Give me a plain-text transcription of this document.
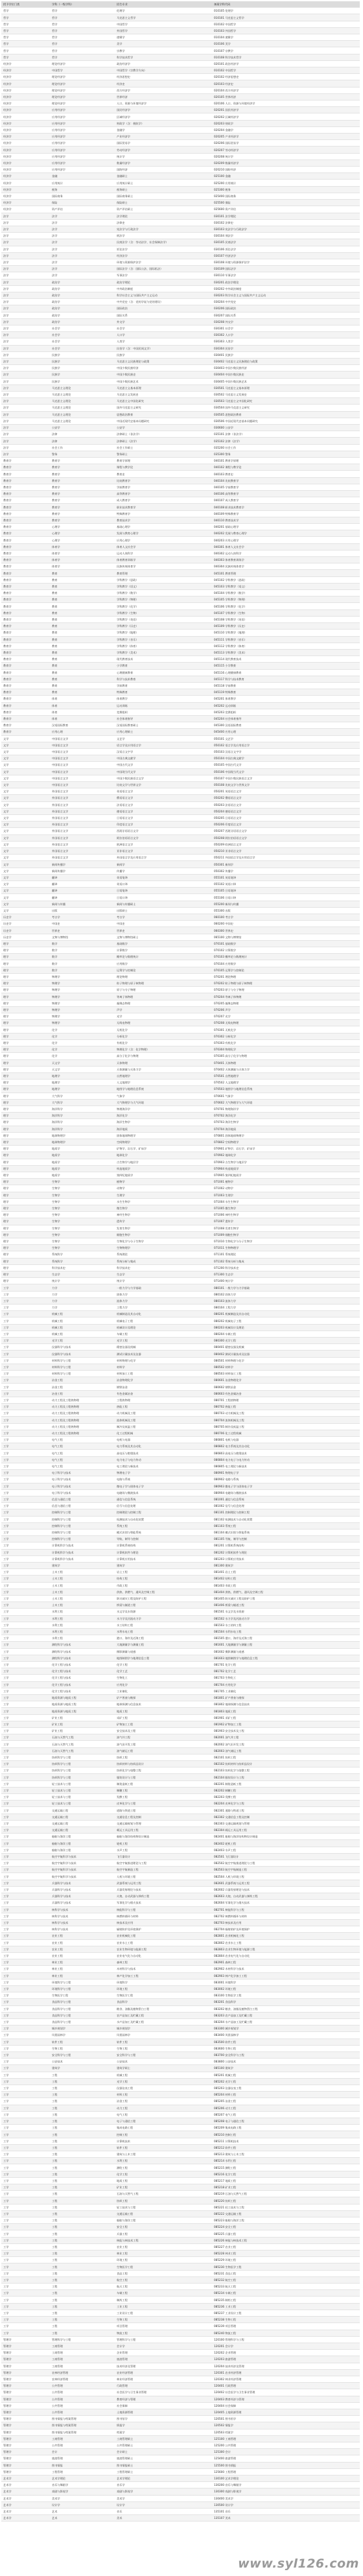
授予学位门类	学科（一级学科）	招生专业	备案学科代码
哲学	哲学	伦理学	010105 伦理学
哲学	哲学	马克思主义哲学	010101 马克思主义哲学
哲学	哲学	中国哲学	010102 中国哲学
哲学	哲学	外国哲学	010103 外国哲学
哲学	哲学	逻辑学	010104 逻辑学
哲学	哲学	美学	010106 美学
哲学	哲学	宗教学	010107 宗教学
哲学	哲学	科学技术哲学	010108 科学技术哲学
经济学	理论经济学	政治经济学	020101 政治经济学
经济学	中国哲学	中国哲学（宗教学方向）	010102 中国哲学
经济学	理论经济学	经济思想史	020102 经济思想史
经济学	理论经济学	经济史	020103 经济史
经济学	理论经济学	西方经济学	020104 西方经济学
经济学	理论经济学	世界经济	020105 世界经济
经济学	理论经济学	人口、资源与环境经济学	020106 人口、资源与环境经济学
经济学	应用经济学	国民经济学	020201 国民经济学
经济学	应用经济学	区域经济学	020202 区域经济学
经济学	应用经济学	财政学（含：税收学）	020203 财政学
经济学	应用经济学	金融学	020204 金融学
经济学	应用经济学	产业经济学	020205 产业经济学
经济学	应用经济学	国际贸易学	020206 国际贸易学
经济学	应用经济学	劳动经济学	020207 劳动经济学
经济学	应用经济学	统计学	020208 统计学
经济学	应用经济学	数量经济学	020209 数量经济学
经济学	应用经济学	国防经济	020210 国防经济
经济学	金融	金融硕士	025100 金融
经济学	应用统计	应用统计硕士	025200 应用统计
经济学	税务	税务硕士	025300 税务
经济学	国际商务	国际商务硕士	025400 国际商务
经济学	保险	保险硕士	025500 保险
经济学	资产评估	资产评估硕士	025600 资产评估
法学	法学	法学理论	030101 法学理论
法学	法学	法律史	030102 法律史
法学	法学	宪法学与行政法学	030103 宪法学与行政法学
法学	法学	刑法学	030104 刑法学
法学	法学	民商法学（含：劳动法学、社会保障法学）	030105 民商法学
法学	法学	诉讼法学	030106 诉讼法学
法学	法学	经济法学	030107 经济法学
法学	法学	环境与资源保护法学	030108 环境与资源保护法学
法学	法学	国际法学（含：国际公法、国际私法）	030109 国际法学
法学	法学	军事法学	030110 军事法学
法学	政治学	政治学理论	030201 政治学理论
法学	政治学	中外政治制度	030202 中外政治制度
法学	政治学	科学社会主义与国际共产主义运动	030203 科学社会主义与国际共产主义运动
法学	政治学	中共党史（含：党的学说与党的建设）	030204 中共党史
法学	政治学	国际政治	030206 国际政治
法学	政治学	国际关系	030207 国际关系
法学	政治学	外交学	030208 外交学
法学	社会学	社会学	030301 社会学
法学	社会学	人口学	030302 人口学
法学	社会学	人类学	030303 人类学
法学	社会学	民俗学（含：中国民间文学）	030304 民俗学
法学	民族学	民族学	030401 民族学
法学	民族学	马克思主义民族理论与政策	030402 马克思主义民族理论与政策
法学	民族学	中国少数民族经济	030403 中国少数民族经济
法学	民族学	中国少数民族史	030404 中国少数民族史
法学	民族学	中国少数民族艺术	030405 中国少数民族艺术
法学	马克思主义理论	马克思主义基本原理	030501 马克思主义基本原理
法学	马克思主义理论	马克思主义发展史	030502 马克思主义发展史
法学	马克思主义理论	马克思主义中国化研究	030503 马克思主义中国化研究
法学	马克思主义理论	国外马克思主义研究	030504 国外马克思主义研究
法学	马克思主义理论	思想政治教育	030505 思想政治教育
法学	马克思主义理论	中国近现代史基本问题研究	030506 中国近现代史基本问题研究
法学	公安学	公安学	030600 公安学
法学	法律	法律硕士（非法学）	035101 法律（非法学）
法学	法律	法律硕士（法学）	035102 法律（法学）
法学	社会工作	社会工作硕士	035200 社会工作
法学	警务	警务硕士	035300 警务
教育学	教育学	教育学原理	040101 教育学原理
教育学	教育学	课程与教学论	040102 课程与教学论
教育学	教育学	教育史	040103 教育史
教育学	教育学	比较教育学	040104 比较教育学
教育学	教育学	学前教育学	040105 学前教育学
教育学	教育学	高等教育学	040106 高等教育学
教育学	教育学	成人教育学	040107 成人教育学
教育学	教育学	职业技术教育学	040108 职业技术教育学
教育学	教育学	特殊教育学	040109 特殊教育学
教育学	教育学	教育技术学	040110 教育技术学
教育学	心理学	基础心理学	040201 基础心理学
教育学	心理学	发展与教育心理学	040202 发展与教育心理学
教育学	心理学	应用心理学	040203 应用心理学
教育学	体育学	体育人文社会学	040301 体育人文社会学
教育学	体育学	运动人体科学	040302 运动人体科学
教育学	体育学	体育教育训练学	040303 体育教育训练学
教育学	体育学	民族传统体育学	040304 民族传统体育学
教育学	教育	教育管理	045101 教育管理
教育学	教育	学科教学（思政）	045102 学科教学（思政）
教育学	教育	学科教学（语文）	045103 学科教学（语文）
教育学	教育	学科教学（数学）	045104 学科教学（数学）
教育学	教育	学科教学（物理）	045105 学科教学（物理）
教育学	教育	学科教学（化学）	045106 学科教学（化学）
教育学	教育	学科教学（生物）	045107 学科教学（生物）
教育学	教育	学科教学（英语）	045108 学科教学（英语）
教育学	教育	学科教学（历史）	045109 学科教学（历史）
教育学	教育	学科教学（地理）	045110 学科教学（地理）
教育学	教育	学科教学（音乐）	045111 学科教学（音乐）
教育学	教育	学科教学（体育）	045112 学科教学（体育）
教育学	教育	学科教学（美术）	045113 学科教学（美术）
教育学	教育	现代教育技术	045114 现代教育技术
教育学	教育	小学教育	045115 小学教育
教育学	教育	心理健康教育	045116 心理健康教育
教育学	教育	科学与技术教育	045117 科学与技术教育
教育学	教育	学前教育	045118 学前教育
教育学	教育	特殊教育	045119 特殊教育
教育学	体育	体育教学	045201 体育教学
教育学	体育	运动训练	045202 运动训练
教育学	体育	竞赛组织	045203 竞赛组织
教育学	体育	社会体育指导	045204 社会体育指导
教育学	汉语国际教育	汉语国际教育硕士	045300 汉语国际教育
教育学	应用心理	应用心理硕士	045400 应用心理
文学	中国语言文学	文艺学	050101 文艺学
文学	中国语言文学	语言学及应用语言学	050102 语言学及应用语言学
文学	中国语言文学	汉语言文字学	050103 汉语言文字学
文学	中国语言文学	中国古典文献学	050104 中国古典文献学
文学	中国语言文学	中国古代文学	050105 中国古代文学
文学	中国语言文学	中国现当代文学	050106 中国现当代文学
文学	中国语言文学	中国少数民族语言文学	050107 中国少数民族语言文学
文学	中国语言文学	比较文学与世界文学	050108 比较文学与世界文学
文学	外国语言文学	英语语言文学	050201 英语语言文学
文学	外国语言文学	俄语语言文学	050202 俄语语言文学
文学	外国语言文学	法语语言文学	050203 法语语言文学
文学	外国语言文学	德语语言文学	050204 德语语言文学
文学	外国语言文学	日语语言文学	050205 日语语言文学
文学	外国语言文学	印度语言文学	050206 印度语言文学
文学	外国语言文学	西班牙语语言文学	050207 西班牙语语言文学
文学	外国语言文学	阿拉伯语语言文学	050208 阿拉伯语语言文学
文学	外国语言文学	欧洲语言文学	050209 欧洲语言文学
文学	外国语言文学	亚非语言文学	050210 亚非语言文学
文学	外国语言文学	外国语言学及应用语言学	050211 外国语言学及应用语言学
文学	新闻传播学	新闻学	050301 新闻学
文学	新闻传播学	传播学	050302 传播学
文学	翻译	英语笔译	055101 英语笔译
文学	翻译	英语口译	055102 英语口译
文学	翻译	日语笔译	055105 日语笔译
文学	翻译	日语口译	055106 日语口译
文学	新闻与传播	新闻与传播硕士	055200 新闻与传播
文学	出版	出版硕士	055300 出版
历史学	考古学	考古学	060100 考古学
历史学	中国史	中国史	060200 中国史
历史学	世界史	世界史	060300 世界史
历史学	文物与博物馆	文物与博物馆硕士	065100 文物与博物馆
理学	数学	基础数学	070101 基础数学
理学	数学	计算数学	070102 计算数学
理学	数学	概率论与数理统计	070103 概率论与数理统计
理学	数学	应用数学	070104 应用数学
理学	数学	运筹学与控制论	070105 运筹学与控制论
理学	物理学	理论物理	070201 理论物理
理学	物理学	粒子物理与原子核物理	070202 粒子物理与原子核物理
理学	物理学	原子与分子物理	070203 原子与分子物理
理学	物理学	等离子体物理	070204 等离子体物理
理学	物理学	凝聚态物理	070205 凝聚态物理
理学	物理学	声学	070206 声学
理学	物理学	光学	070207 光学
理学	物理学	无线电物理	070208 无线电物理
理学	化学	无机化学	070301 无机化学
理学	化学	分析化学	070302 分析化学
理学	化学	有机化学	070303 有机化学
理学	化学	物理化学（含：化学物理）	070304 物理化学
理学	化学	高分子化学与物理	070305 高分子化学与物理
理学	天文学	天体物理	070401 天体物理
理学	天文学	天体测量与天体力学	070402 天体测量与天体力学
理学	地理学	自然地理学	070501 自然地理学
理学	地理学	人文地理学	070502 人文地理学
理学	地理学	地图学与地理信息系统	070503 地图学与地理信息系统
理学	大气科学	气象学	070601 气象学
理学	大气科学	大气物理学与大气环境	070602 大气物理学与大气环境
理学	海洋科学	物理海洋学	070701 物理海洋学
理学	海洋科学	海洋化学	070702 海洋化学
理学	海洋科学	海洋生物学	070703 海洋生物学
理学	海洋科学	海洋地质	070704 海洋地质
理学	地球物理学	固体地球物理学	070801 固体地球物理学
理学	地球物理学	空间物理学	070802 空间物理学
理学	地质学	矿物学、岩石学、矿床学	070901 矿物学、岩石学、矿床学
理学	地质学	地球化学	070902 地球化学
理学	地质学	古生物学与地层学	070903 古生物学与地层学
理学	地质学	构造地质学	070904 构造地质学
理学	地质学	第四纪地质学	070905 第四纪地质学
理学	生物学	植物学	071001 植物学
理学	生物学	动物学	071002 动物学
理学	生物学	生理学	071003 生理学
理学	生物学	水生生物学	071004 水生生物学
理学	生物学	微生物学	071005 微生物学
理学	生物学	神经生物学	071006 神经生物学
理学	生物学	遗传学	071007 遗传学
理学	生物学	发育生物学	071008 发育生物学
理学	生物学	细胞生物学	071009 细胞生物学
理学	生物学	生物化学与分子生物学	071010 生物化学与分子生物学
理学	生物学	生物物理学	071011 生物物理学
理学	系统科学	系统理论	071101 系统理论
理学	系统科学	系统分析与集成	071102 系统分析与集成
理学	科学技术史	科学技术史	071200 科学技术史
理学	生态学	生态学	071300 生态学
理学	统计学	统计学	071400 统计学
工学	力学	一般力学与力学基础	080101 一般力学与力学基础
工学	力学	固体力学	080102 固体力学
工学	力学	流体力学	080103 流体力学
工学	力学	工程力学	080104 工程力学
工学	机械工程	机械制造及其自动化	080201 机械制造及其自动化
工学	机械工程	机械电子工程	080202 机械电子工程
工学	机械工程	机械设计及理论	080203 机械设计及理论
工学	机械工程	车辆工程	080204 车辆工程
工学	光学工程	光学工程	080300 光学工程
工学	仪器科学与技术	精密仪器及机械	080401 精密仪器及机械
工学	仪器科学与技术	测试计量技术及仪器	080402 测试计量技术及仪器
工学	材料科学与工程	材料物理与化学	080501 材料物理与化学
工学	材料科学与工程	材料学	080502 材料学
工学	材料科学与工程	材料加工工程	080503 材料加工工程
工学	冶金工程	冶金物理化学	080601 冶金物理化学
工学	冶金工程	钢铁冶金	080602 钢铁冶金
工学	冶金工程	有色金属冶金	080603 有色金属冶金
工学	动力工程及工程热物理	工程热物理	080701 工程热物理
工学	动力工程及工程热物理	热能工程	080702 热能工程
工学	动力工程及工程热物理	动力机械及工程	080703 动力机械及工程
工学	动力工程及工程热物理	流体机械及工程	080704 流体机械及工程
工学	动力工程及工程热物理	制冷及低温工程	080705 制冷及低温工程
工学	动力工程及工程热物理	化工过程机械	080706 化工过程机械
工学	电气工程	电机与电器	080801 电机与电器
工学	电气工程	电力系统及其自动化	080802 电力系统及其自动化
工学	电气工程	高电压与绝缘技术	080803 高电压与绝缘技术
工学	电气工程	电力电子与电力传动	080804 电力电子与电力传动
工学	电气工程	电工理论与新技术	080805 电工理论与新技术
工学	电子科学与技术	物理电子学	080901 物理电子学
工学	电子科学与技术	电路与系统	080902 电路与系统
工学	电子科学与技术	微电子学与固体电子学	080903 微电子学与固体电子学
工学	电子科学与技术	电磁场与微波技术	080904 电磁场与微波技术
工学	信息与通信工程	通信与信息系统	081001 通信与信息系统
工学	信息与通信工程	信号与信息处理	081002 信号与信息处理
工学	控制科学与工程	控制理论与控制工程	081101 控制理论与控制工程
工学	控制科学与工程	检测技术与自动化装置	081102 检测技术与自动化装置
工学	控制科学与工程	系统工程	081103 系统工程
工学	控制科学与工程	模式识别与智能系统	081104 模式识别与智能系统
工学	控制科学与工程	导航、制导与控制	081105 导航、制导与控制
工学	计算机科学与技术	计算机系统结构	081201 计算机系统结构
工学	计算机科学与技术	计算机软件与理论	081202 计算机软件与理论
工学	计算机科学与技术	计算机应用技术	081203 计算机应用技术
工学	建筑学	建筑学	081300 建筑学
工学	土木工程	岩土工程	081401 岩土工程
工学	土木工程	结构工程	081402 结构工程
工学	土木工程	市政工程	081403 市政工程
工学	土木工程	供热、供燃气、通风及空调工程	081404 供热、供燃气、通风及空调工程
工学	土木工程	防灾减灾工程及防护工程	081405 防灾减灾工程及防护工程
工学	土木工程	桥梁与隧道工程	081406 桥梁与隧道工程
工学	水利工程	水文学及水资源	081501 水文学及水资源
工学	水利工程	水力学及河流动力学	081502 水力学及河流动力学
工学	水利工程	水工结构工程	081503 水工结构工程
工学	水利工程	水利水电工程	081504 水利水电工程
工学	水利工程	港口、海岸及近海工程	081505 港口、海岸及近海工程
工学	测绘科学与技术	大地测量学与测量工程	081601 大地测量学与测量工程
工学	测绘科学与技术	摄影测量与遥感	081602 摄影测量与遥感
工学	测绘科学与技术	地图制图学与地理信息工程	081603 地图制图学与地理信息工程
工学	化学工程与技术	化学工程	081701 化学工程
工学	化学工程与技术	化学工艺	081702 化学工艺
工学	化学工程与技术	生物化工	081703 生物化工
工学	化学工程与技术	应用化学	081704 应用化学
工学	化学工程与技术	工业催化	081705 工业催化
工学	地质资源与地质工程	矿产普查与勘探	081801 矿产普查与勘探
工学	地质资源与地质工程	地球探测与信息技术	081802 地球探测与信息技术
工学	地质资源与地质工程	地质工程	081803 地质工程
工学	矿业工程	采矿工程	081901 采矿工程
工学	矿业工程	矿物加工工程	081902 矿物加工工程
工学	矿业工程	安全技术及工程	081903 安全技术及工程
工学	石油与天然气工程	油气井工程	082001 油气井工程
工学	石油与天然气工程	油气田开发工程	082002 油气田开发工程
工学	石油与天然气工程	油气储运工程	082003 油气储运工程
工学	纺织科学与工程	纺织工程	082101 纺织工程
工学	纺织科学与工程	纺织材料与纺织品设计	082102 纺织材料与纺织品设计
工学	纺织科学与工程	纺织化学与染整工程	082103 纺织化学与染整工程
工学	纺织科学与工程	服装设计与工程	082104 服装设计与工程
工学	轻工技术与工程	制浆造纸工程	082201 制浆造纸工程
工学	轻工技术与工程	制糖工程	082202 制糖工程
工学	轻工技术与工程	发酵工程	082203 发酵工程
工学	轻工技术与工程	皮革化学与工程	082204 皮革化学与工程
工学	交通运输工程	道路与铁道工程	082301 道路与铁道工程
工学	交通运输工程	交通信息工程及控制	082302 交通信息工程及控制
工学	交通运输工程	交通运输规划与管理	082303 交通运输规划与管理
工学	交通运输工程	载运工具运用工程	082304 载运工具运用工程
工学	船舶与海洋工程	船舶与海洋结构物设计制造	082401 船舶与海洋结构物设计制造
工学	船舶与海洋工程	轮机工程	082402 轮机工程
工学	船舶与海洋工程	水声工程	082403 水声工程
工学	航空宇航科学与技术	飞行器设计	082501 飞行器设计
工学	航空宇航科学与技术	航空宇航推进理论与工程	082502 航空宇航推进理论与工程
工学	航空宇航科学与技术	航空宇航制造工程	082503 航空宇航制造工程
工学	航空宇航科学与技术	人机与环境工程	082504 人机与环境工程
工学	兵器科学与技术	武器系统与运用工程	082601 武器系统与运用工程
工学	兵器科学与技术	兵器发射理论与技术	082602 兵器发射理论与技术
工学	兵器科学与技术	火炮、自动武器与弹药工程	082603 火炮、自动武器与弹药工程
工学	兵器科学与技术	军事化学与烟火技术	082604 军事化学与烟火技术
工学	核科学与技术	核能科学与工程	082701 核能科学与工程
工学	核科学与技术	核燃料循环与材料	082702 核燃料循环与材料
工学	核科学与技术	核技术及应用	082703 核技术及应用
工学	核科学与技术	辐射防护及环境保护	082704 辐射防护及环境保护
工学	农业工程	农业机械化工程	082801 农业机械化工程
工学	农业工程	农业水土工程	082802 农业水土工程
工学	农业工程	农业生物环境与能源工程	082803 农业生物环境与能源工程
工学	农业工程	农业电气化与自动化	082804 农业电气化与自动化
工学	林业工程	森林工程	082901 森林工程
工学	林业工程	木材科学与技术	082902 木材科学与技术
工学	林业工程	林产化学加工工程	082903 林产化学加工工程
工学	环境科学与工程	环境科学	083001 环境科学
工学	环境科学与工程	环境工程	083002 环境工程
工学	生物医学工程	生物医学工程	083100 生物医学工程
工学	食品科学与工程	食品科学	083201 食品科学
工学	食品科学与工程	粮食、油脂及植物蛋白工程	083202 粮食、油脂及植物蛋白工程
工学	食品科学与工程	农产品加工及贮藏工程	083203 农产品加工及贮藏工程
工学	食品科学与工程	水产品加工及贮藏工程	083204 水产品加工及贮藏工程
工学	城乡规划学	城乡规划学	083300 城乡规划学
工学	风景园林学	风景园林学	083400 风景园林学
工学	软件工程	软件工程	083500 软件工程
工学	生物工程	生物工程	083600 生物工程
工学	安全科学与工程	安全科学与工程	083700 安全科学与工程
工学	公安技术	公安技术	083800 公安技术
工学	建筑学	建筑学硕士	085100 建筑学
工学	工程	机械工程	085201 机械工程
工学	工程	光学工程	085202 光学工程
工学	工程	仪器仪表工程	085203 仪器仪表工程
工学	工程	材料工程	085204 材料工程
工学	工程	冶金工程	085205 冶金工程
工学	工程	动力工程	085206 动力工程
工学	工程	电气工程	085207 电气工程
工学	工程	电子与通信工程	085208 电子与通信工程
工学	工程	集成电路工程	085209 集成电路工程
工学	工程	控制工程	085210 控制工程
工学	工程	计算机技术	085211 计算机技术
工学	工程	软件工程	085212 软件工程
工学	工程	建筑与土木工程	085213 建筑与土木工程
工学	工程	水利工程	085214 水利工程
工学	工程	测绘工程	085215 测绘工程
工学	工程	化学工程	085216 化学工程
工学	工程	地质工程	085217 地质工程
工学	工程	矿业工程	085218 矿业工程
工学	工程	石油与天然气工程	085219 石油与天然气工程
工学	工程	纺织工程	085220 纺织工程
工学	工程	轻工技术与工程	085221 轻工技术与工程
工学	工程	交通运输工程	085222 交通运输工程
工学	工程	船舶与海洋工程	085223 船舶与海洋工程
工学	工程	安全工程	085224 安全工程
工学	工程	兵器工程	085225 兵器工程
工学	工程	核能与核技术工程	085226 核能与核技术工程
工学	工程	农业工程	085227 农业工程
工学	工程	林业工程	085228 林业工程
工学	工程	环境工程	085229 环境工程
工学	工程	生物医学工程	085230 生物医学工程
工学	工程	食品工程	085231 食品工程
工学	工程	航空工程	085232 航空工程
工学	工程	航天工程	085233 航天工程
工学	工程	车辆工程	085234 车辆工程
工学	工程	制药工程	085235 制药工程
工学	工程	工业工程	085236 工业工程
工学	工程	工业设计工程	085237 工业设计工程
工学	工程	生物工程	085238 生物工程
工学	工程	项目管理	085239 项目管理
工学	工程	物流工程	085240 物流工程
管理学	管理科学与工程	管理科学与工程	120100 管理科学与工程
管理学	工商管理	会计学	120201 会计学
管理学	工商管理	企业管理	120202 企业管理
管理学	工商管理	旅游管理	120203 旅游管理
管理学	工商管理	技术经济及管理	120204 技术经济及管理
管理学	农林经济管理	农业经济管理	120301 农业经济管理
管理学	农林经济管理	林业经济管理	120302 林业经济管理
管理学	公共管理	行政管理	120401 行政管理
管理学	公共管理	社会医学与卫生事业管理	120402 社会医学与卫生事业管理
管理学	公共管理	教育经济与管理	120403 教育经济与管理
管理学	公共管理	社会保障	120404 社会保障
管理学	公共管理	土地资源管理	120405 土地资源管理
管理学	图书情报与档案管理	图书馆学	120501 图书馆学
管理学	图书情报与档案管理	情报学	120502 情报学
管理学	图书情报与档案管理	档案学	120503 档案学
管理学	工商管理	工商管理硕士	125100 工商管理
管理学	公共管理	公共管理硕士	125200 公共管理
管理学	会计	会计硕士	125300 会计
管理学	旅游管理	旅游管理硕士	125400 旅游管理
管理学	图书情报	图书情报硕士	125500 图书情报
管理学	工程管理	工程管理硕士	125600 工程管理
艺术学	艺术学理论	艺术学理论	130100 艺术学理论
艺术学	音乐与舞蹈学	音乐学	130200 音乐与舞蹈学
艺术学	戏剧与影视学	戏剧与影视学	130300 戏剧与影视学
艺术学	美术学	美术学	130400 美术学
艺术学	设计学	设计学	130500 设计学
艺术学	艺术	音乐	135101 音乐
艺术学	艺术	美术	135107 美术
www.syl126.com
